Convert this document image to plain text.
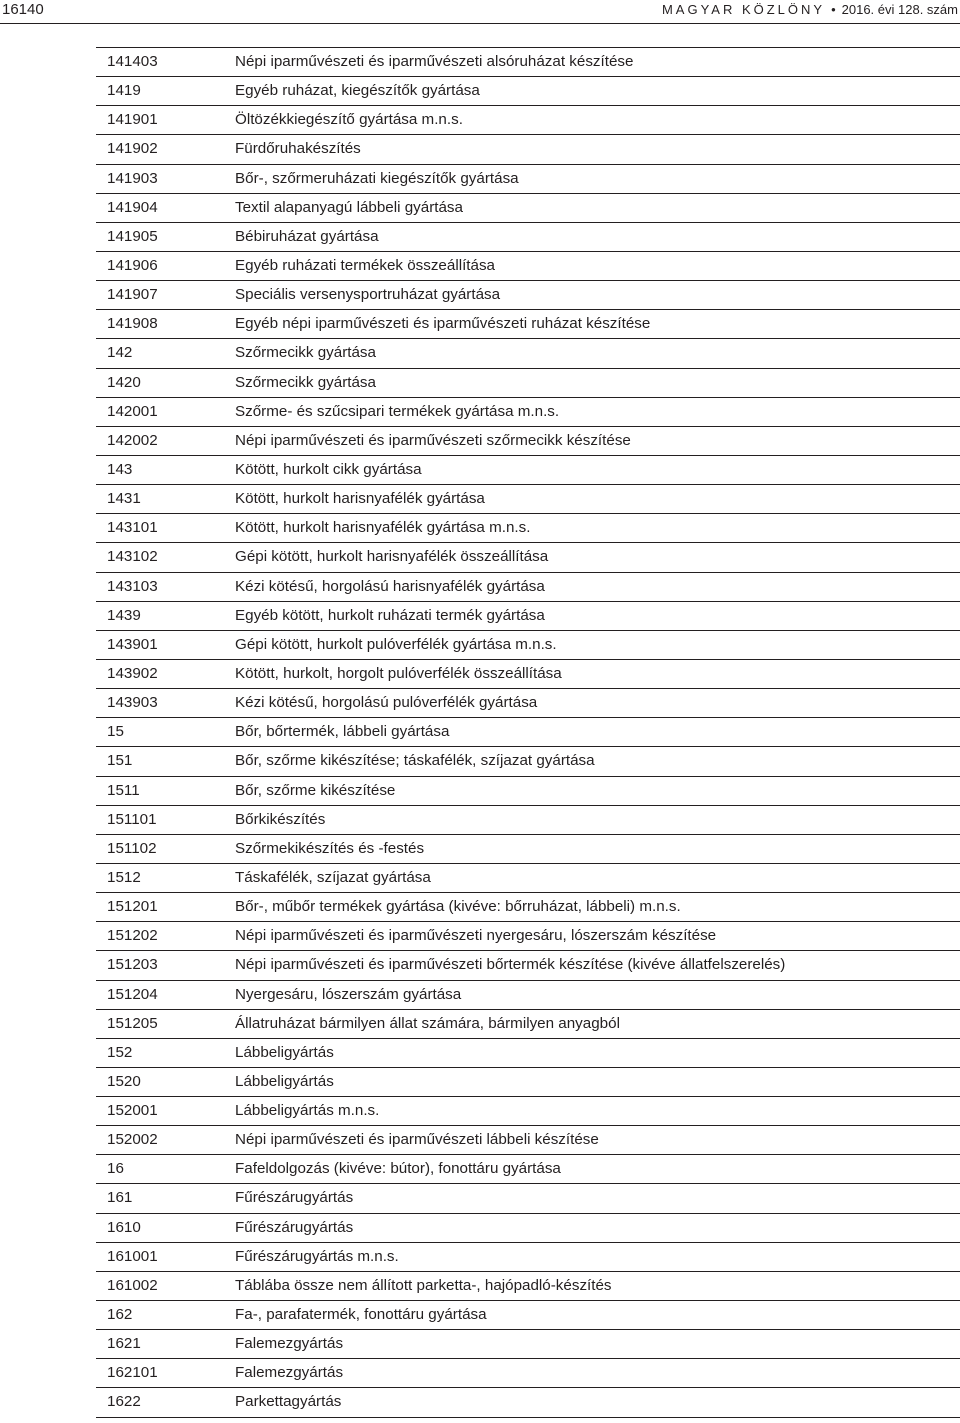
16140	MAGYAR KÖZLÖNY • 2016. évi 128. szám
141403	Népi iparművészeti és iparművészeti alsóruházat készítése
1419	Egyéb ruházat, kiegészítők gyártása
141901	Öltözékkiegészítő gyártása m.n.s.
141902	Fürdőruhakészítés
141903	Bőr-, szőrmeruházati kiegészítők gyártása
141904	Textil alapanyagú lábbeli gyártása
141905	Bébiruházat gyártása
141906	Egyéb ruházati termékek összeállítása
141907	Speciális versenysportruházat gyártása
141908	Egyéb népi iparművészeti és iparművészeti ruházat készítése
142	Szőrmecikk gyártása
1420	Szőrmecikk gyártása
142001	Szőrme- és szűcsipari termékek gyártása m.n.s.
142002	Népi iparművészeti és iparművészeti szőrmecikk készítése
143	Kötött, hurkolt cikk gyártása
1431	Kötött, hurkolt harisnyafélék gyártása
143101	Kötött, hurkolt harisnyafélék gyártása m.n.s.
143102	Gépi kötött, hurkolt harisnyafélék összeállítása
143103	Kézi kötésű, horgolású harisnyafélék gyártása
1439	Egyéb kötött, hurkolt ruházati termék gyártása
143901	Gépi kötött, hurkolt pulóverfélék gyártása m.n.s.
143902	Kötött, hurkolt, horgolt pulóverfélék összeállítása
143903	Kézi kötésű, horgolású pulóverfélék gyártása
15	Bőr, bőrtermék, lábbeli gyártása
151	Bőr, szőrme kikészítése; táskafélék, szíjazat gyártása
1511	Bőr, szőrme kikészítése
151101	Bőrkikészítés
151102	Szőrmekikészítés és -festés
1512	Táskafélék, szíjazat gyártása
151201	Bőr-, műbőr termékek gyártása (kivéve: bőrruházat, lábbeli) m.n.s.
151202	Népi iparművészeti és iparművészeti nyergesáru, lószerszám készítése
151203	Népi iparművészeti és iparművészeti bőrtermék készítése (kivéve állatfelszerelés)
151204	Nyergesáru, lószerszám gyártása
151205	Állatruházat bármilyen állat számára, bármilyen anyagból
152	Lábbeligyártás
1520	Lábbeligyártás
152001	Lábbeligyártás m.n.s.
152002	Népi iparművészeti és iparművészeti lábbeli készítése
16	Fafeldolgozás (kivéve: bútor), fonottáru gyártása
161	Fűrészárugyártás
1610	Fűrészárugyártás
161001	Fűrészárugyártás m.n.s.
161002	Táblába össze nem állított parketta-, hajópadló-készítés
162	Fa-, parafatermék, fonottáru gyártása
1621	Falemezgyártás
162101	Falemezgyártás
1622	Parkettagyártás
